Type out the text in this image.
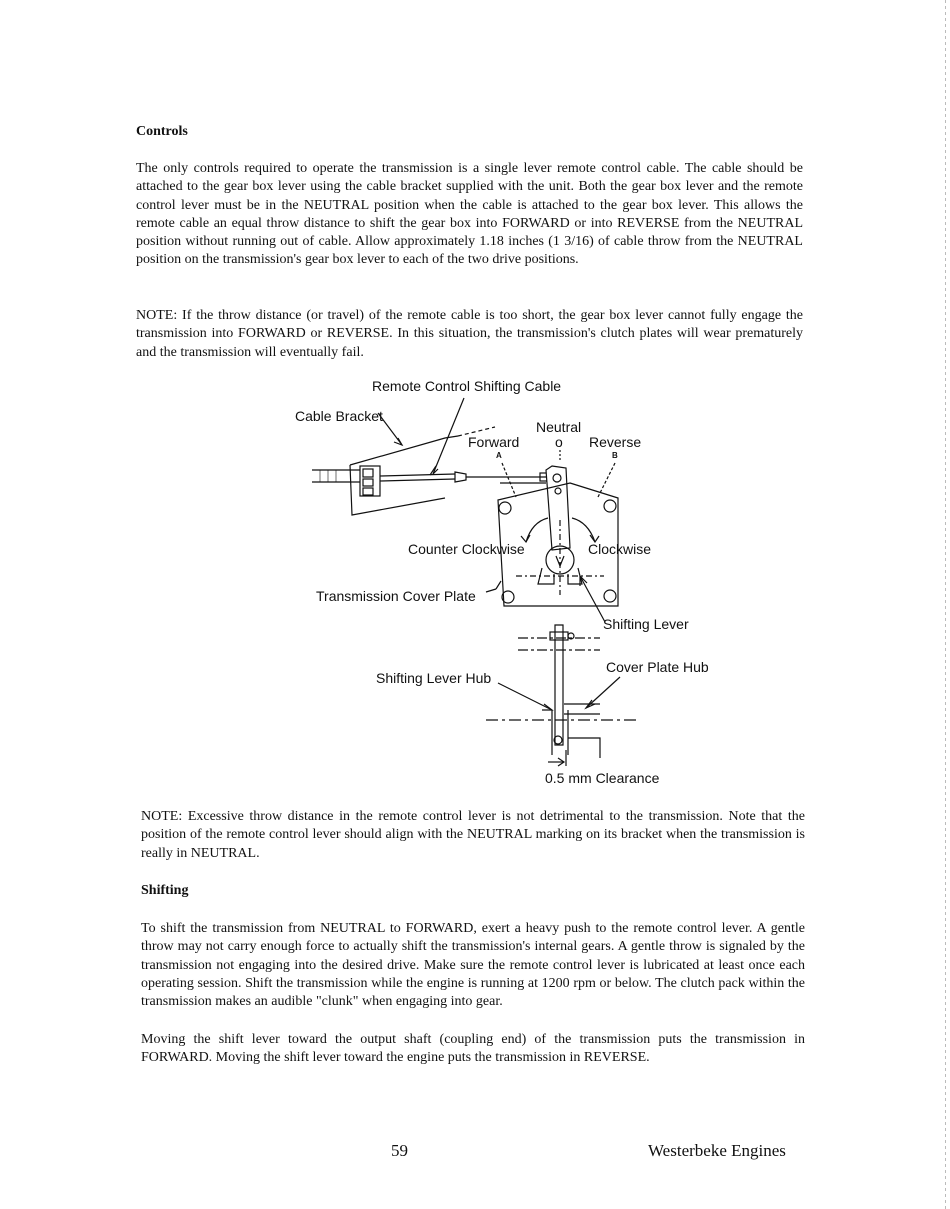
Controls
The only controls required to operate the transmission is a single lever remote control cable. The cable should be attached to the gear box lever using the cable bracket supplied with the unit. Both the gear box lever and the remote control lever must be in the NEUTRAL position when the cable is attached to the gear box lever. This allows the remote cable an equal throw distance to shift the gear box into FORWARD or into REVERSE from the NEUTRAL position without running out of cable. Allow approximately 1.18 inches (1 3/16) of cable throw from the NEUTRAL position on the transmission's gear box lever to each of the two drive positions.
NOTE: If the throw distance (or travel) of the remote cable is too short, the gear box lever cannot fully engage the transmission into FORWARD or REVERSE. In this situation, the transmission's clutch plates will wear prematurely and the transmission will eventually fail.
Remote Control Shifting Cable
Cable Bracket
Neutral
o
Forward	Reverse
A	B
Counter Clockwise	Clockwise
Transmission Cover Plate
Shifting Lever
Shifting Lever Hub
Cover Plate Hub
0.5 mm Clearance
NOTE: Excessive throw distance in the remote control lever is not detrimental to the transmission. Note that the position of the remote control lever should align with the NEUTRAL marking on its bracket when the transmission is really in NEUTRAL.
Shifting
To shift the transmission from NEUTRAL to FORWARD, exert a heavy push to the remote control lever. A gentle throw may not carry enough force to actually shift the transmission's internal gears. A gentle throw is signaled by the transmission not engaging into the desired drive. Make sure the remote control lever is lubricated at least once each operating session. Shift the transmission while the engine is running at 1200 rpm or below. The clutch pack within the transmission makes an audible "clunk" when engaging into gear.
Moving the shift lever toward the output shaft (coupling end) of the transmission puts the transmission in FORWARD. Moving the shift lever toward the engine puts the transmission in REVERSE.
59	Westerbeke Engines
